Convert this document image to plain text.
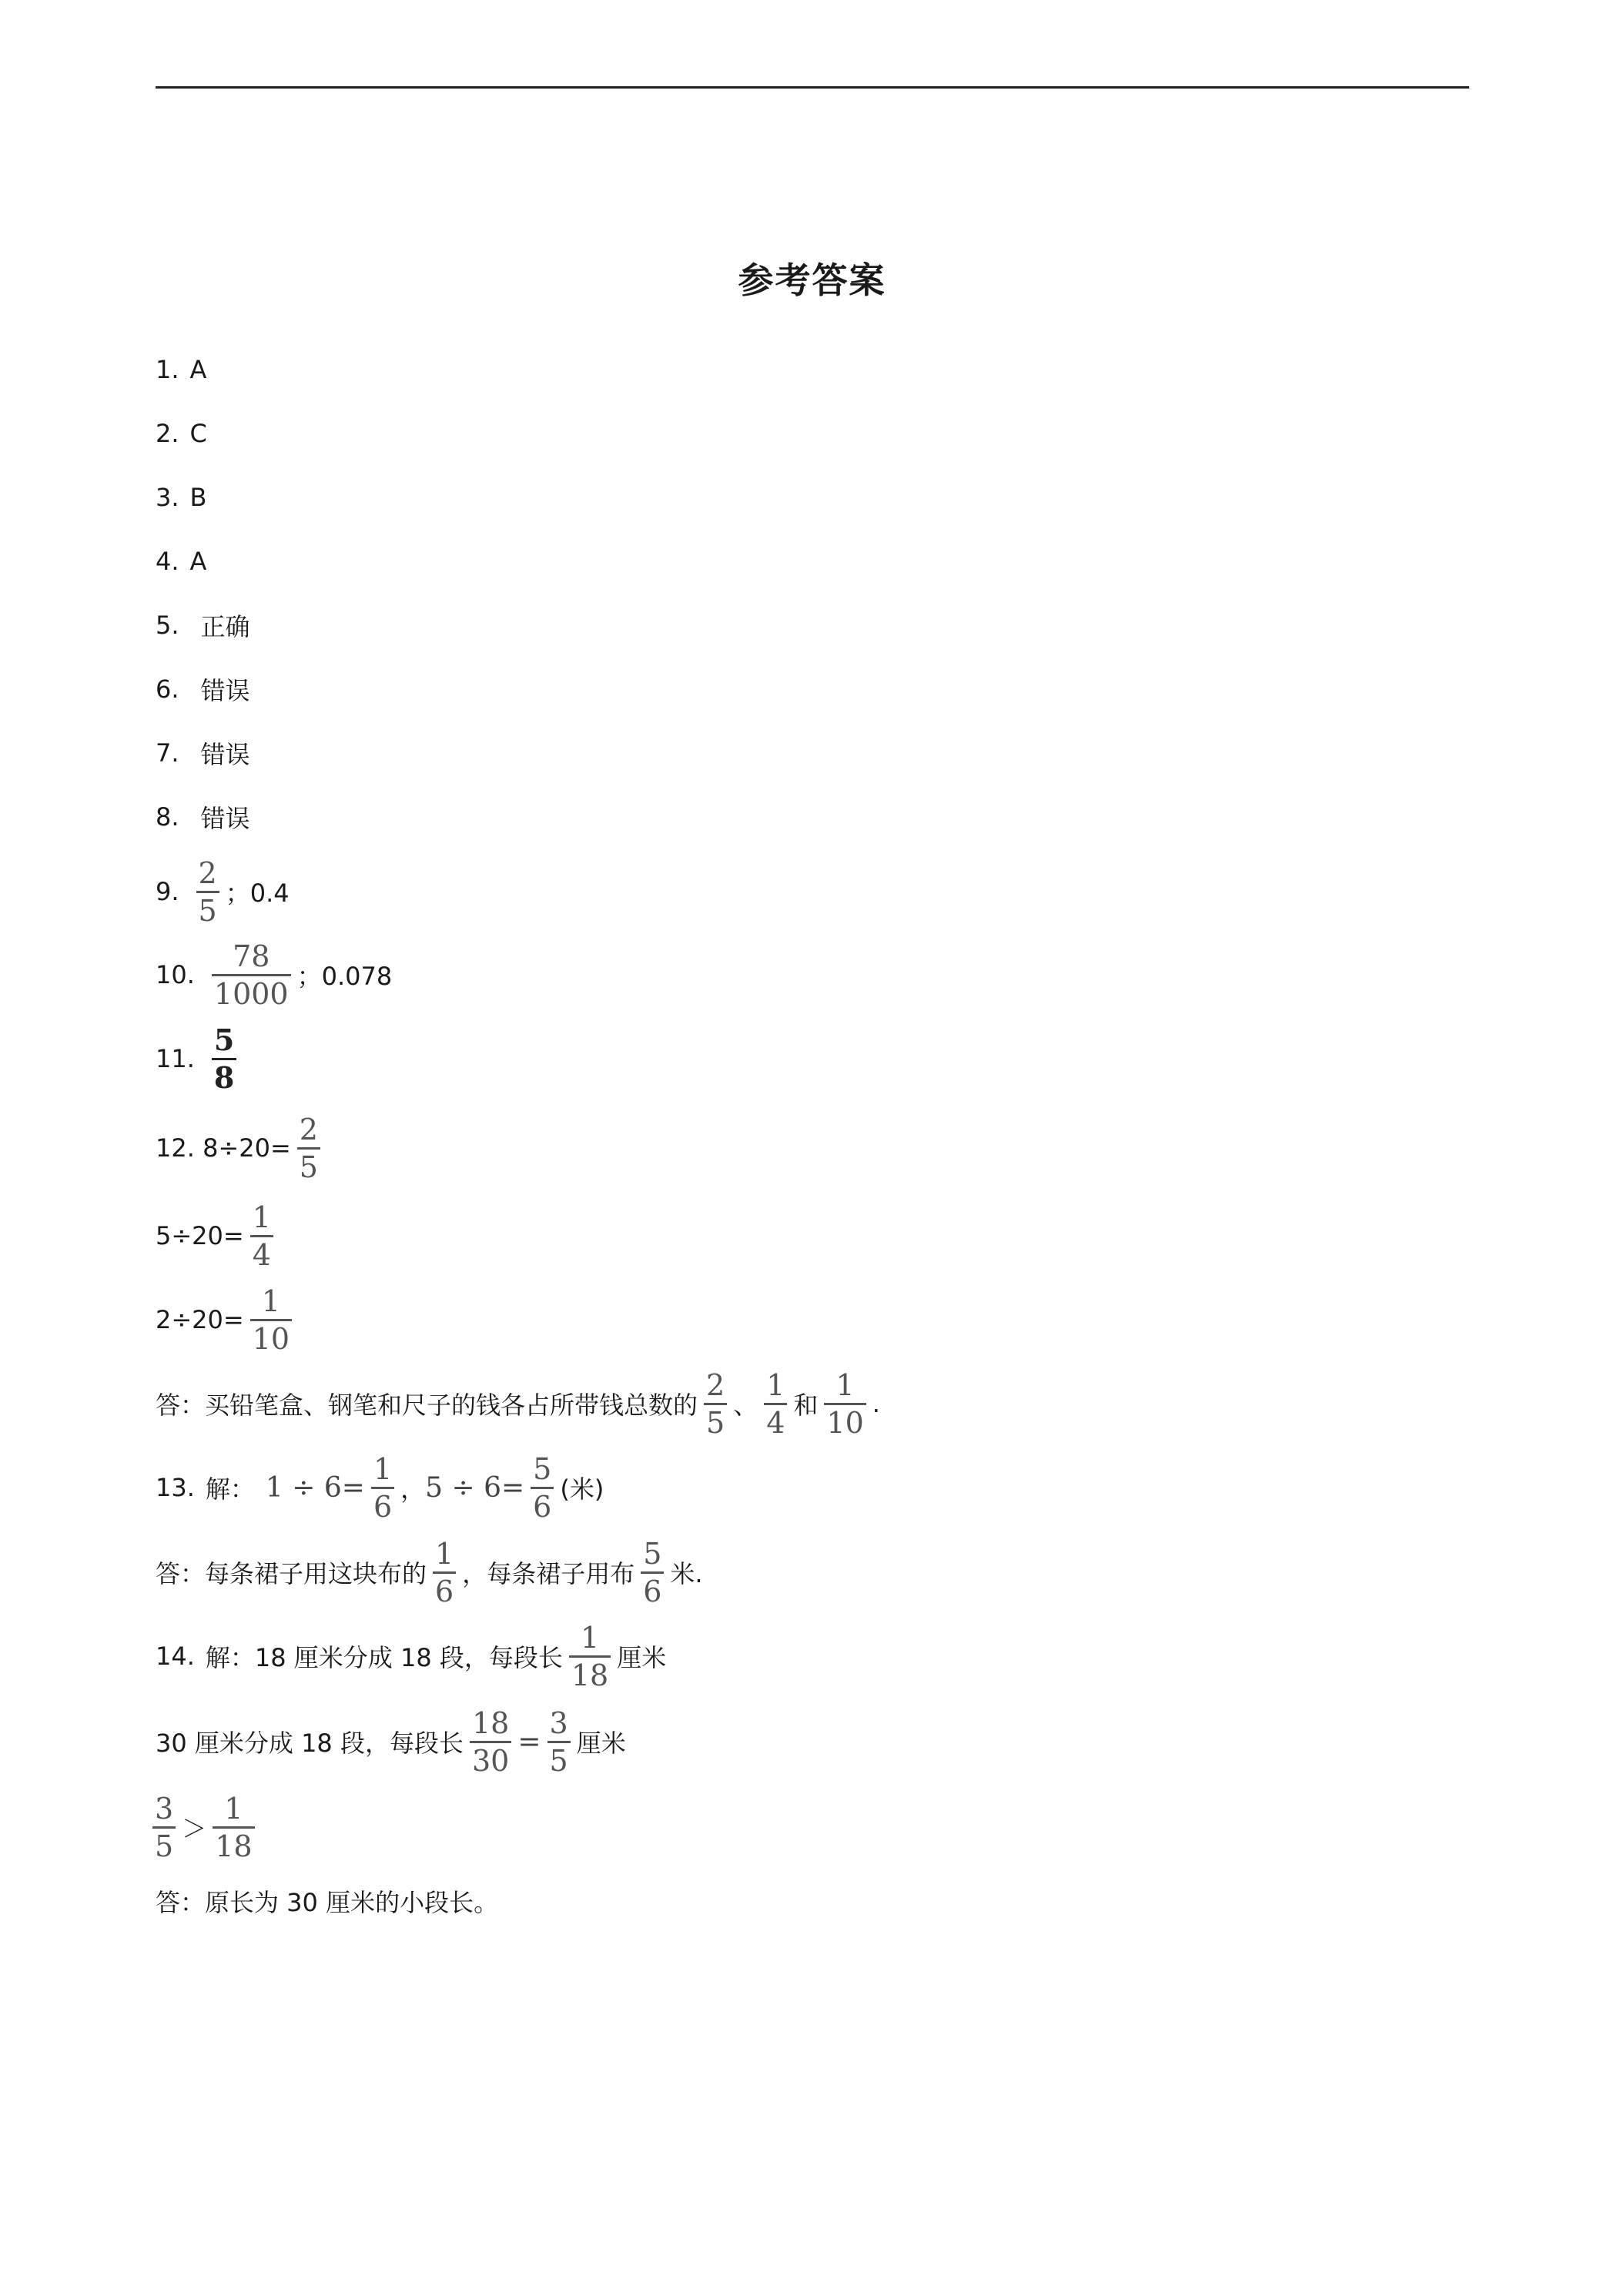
参考答案
1. A
2. C
3. B
4. A
5. 正确
6. 错误
7. 错误
8. 错误
9. $\frac{2}{5}$ ；0.4
10. $\frac{78}{1000}$ ；0.078
11. $\frac{5}{8}$
12. $8\div 20= \frac{2}{5}$
$5\div 20= \frac{1}{4}$
$2\div 20= \frac{1}{10}$
答：买铅笔盒、钢笔和尺子的钱各占所带钱总数的 $\frac{2}{5}$ 、 $\frac{1}{4}$ 和 $\frac{1}{10}$ .
13. 解： $1 \div 6= \frac{1}{6}$ ， $5 \div 6= \frac{5}{6}$ (米)
答：每条裙子用这块布的 $\frac{1}{6}$ ，每条裙子用布 $\frac{5}{6}$ 米.
14. 解：18 厘米分成 18 段，每段长 $\frac{1}{18}$ 厘米
30 厘米分成 18 段，每段长 $\frac{18}{30} = \frac{3}{5}$ 厘米
$\frac{3}{5} > \frac{1}{18}$
答：原长为 30 厘米的小段长。
